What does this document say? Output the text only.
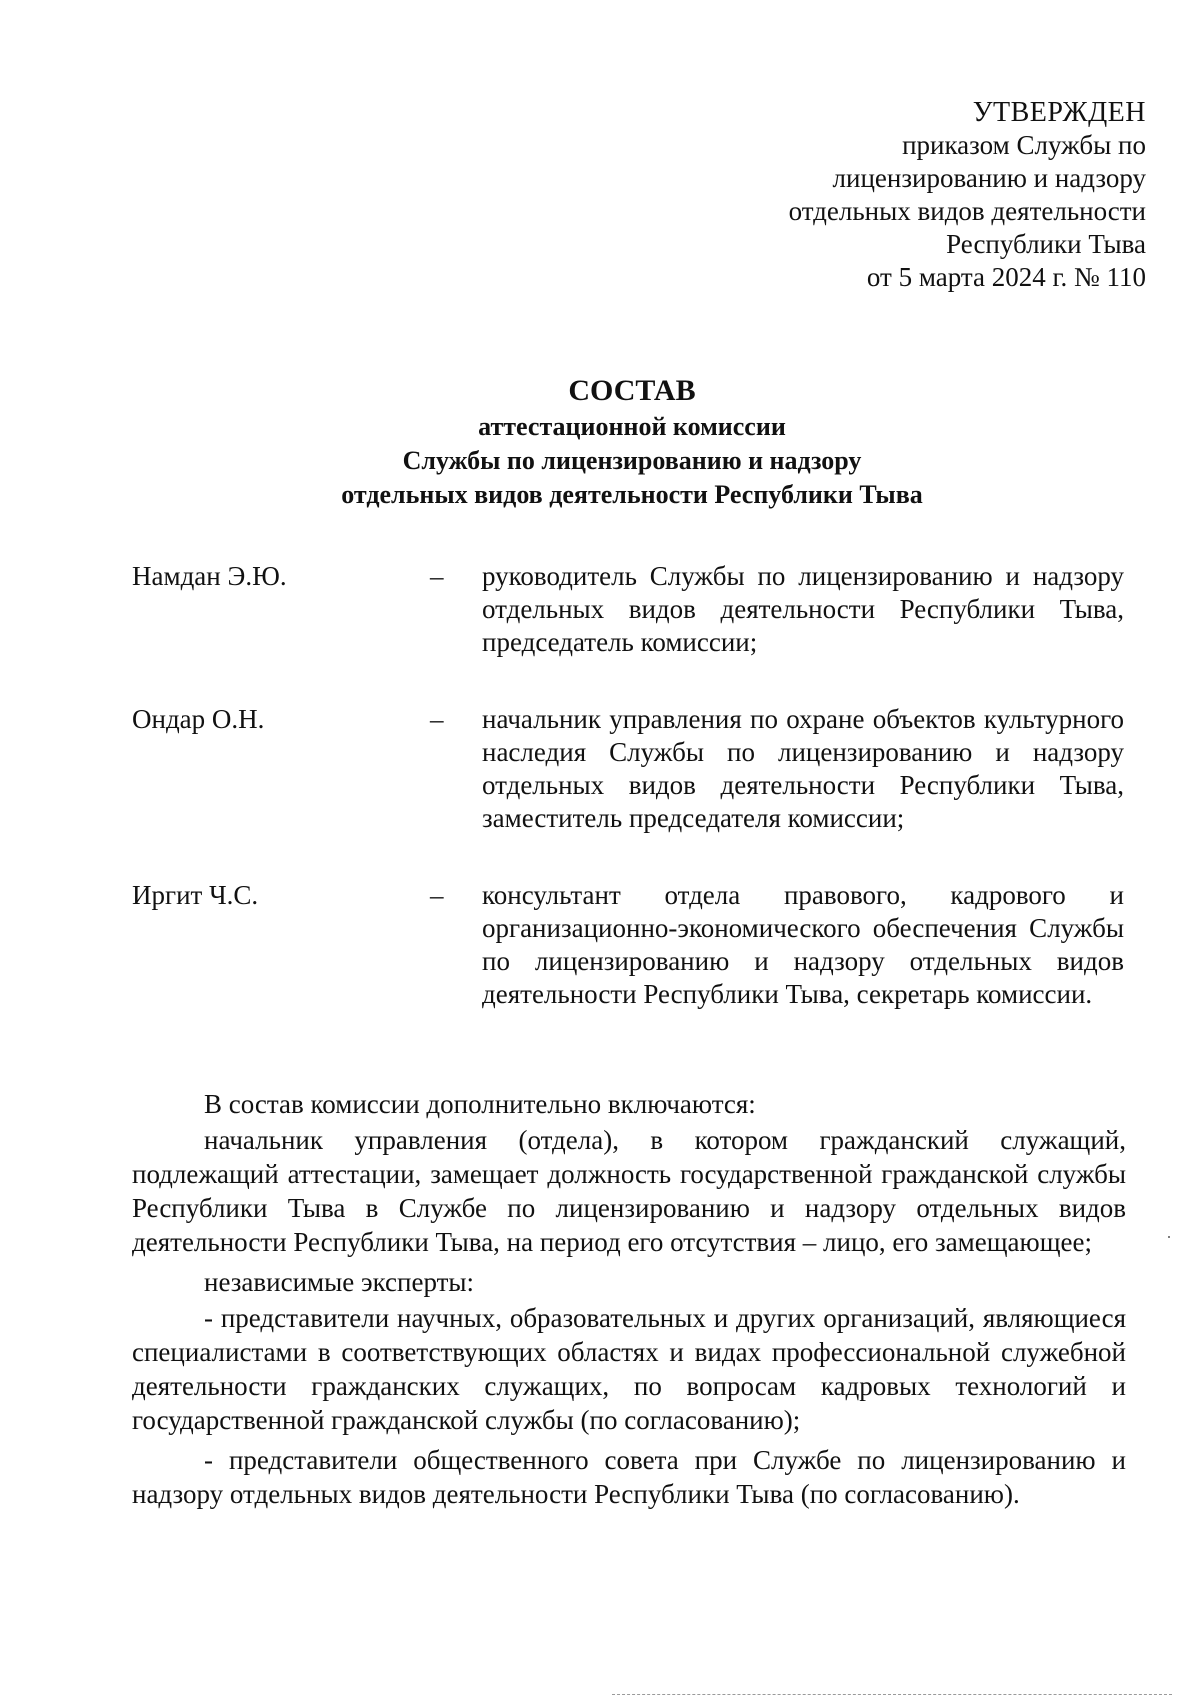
УТВЕРЖДЕН
приказом Службы по
лицензированию и надзору
отдельных видов деятельности
Республики Тыва
от 5 марта 2024 г. № 110
СОСТАВ
аттестационной комиссии
Службы по лицензированию и надзору
отдельных видов деятельности Республики Тыва
Намдан Э.Ю.	–	руководитель Службы по лицензированию и надзору отдельных видов деятельности Республики Тыва, председатель комиссии;
Ондар О.Н.	–	начальник управления по охране объектов культурного наследия Службы по лицензированию и надзору отдельных видов деятельности Республики Тыва, заместитель председателя комиссии;
Иргит Ч.С.	–	консультант отдела правового, кадрового и организационно-экономического обеспечения Службы по лицензированию и надзору отдельных видов деятельности Республики Тыва, секретарь комиссии.

В состав комиссии дополнительно включаются:

начальник управления (отдела), в котором гражданский служащий, подлежащий аттестации, замещает должность государственной гражданской службы Республики Тыва в Службе по лицензированию и надзору отдельных видов деятельности Республики Тыва, на период его отсутствия – лицо, его замещающее;

независимые эксперты:

- представители научных, образовательных и других организаций, являющиеся специалистами в соответствующих областях и видах профессиональной служебной деятельности гражданских служащих, по вопросам кадровых технологий и государственной гражданской службы (по согласованию);

- представители общественного совета при Службе по лицензированию и надзору отдельных видов деятельности Республики Тыва (по согласованию).
